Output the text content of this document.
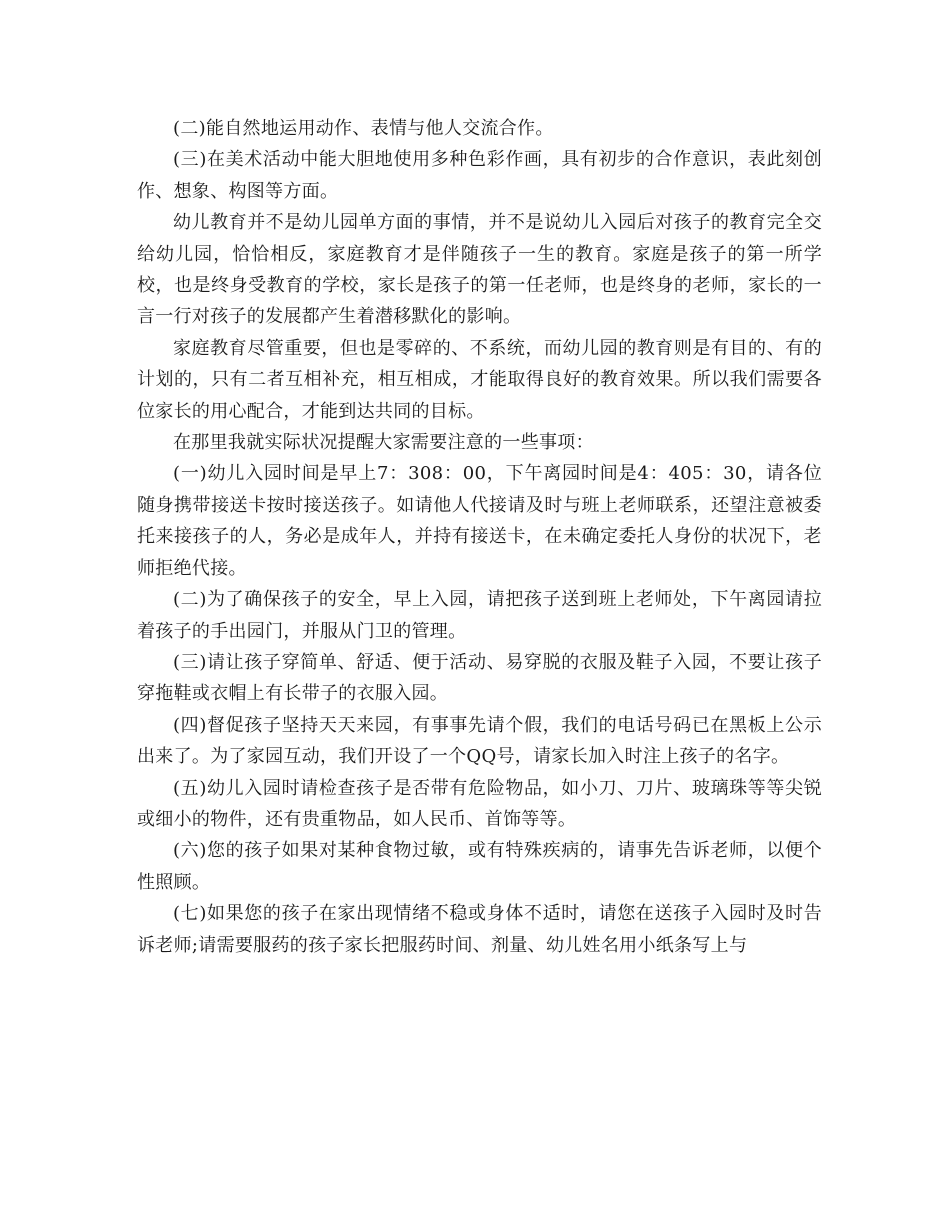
(二)能自然地运用动作、表情与他人交流合作。

(三)在美术活动中能大胆地使用多种色彩作画，具有初步的合作意识，表此刻创作、想象、构图等方面。

幼儿教育并不是幼儿园单方面的事情，并不是说幼儿入园后对孩子的教育完全交给幼儿园，恰恰相反，家庭教育才是伴随孩子一生的教育。家庭是孩子的第一所学校，也是终身受教育的学校，家长是孩子的第一任老师，也是终身的老师，家长的一言一行对孩子的发展都产生着潜移默化的影响。

家庭教育尽管重要，但也是零碎的、不系统，而幼儿园的教育则是有目的、有的计划的，只有二者互相补充，相互相成，才能取得良好的教育效果。所以我们需要各位家长的用心配合，才能到达共同的目标。

在那里我就实际状况提醒大家需要注意的一些事项：

(一)幼儿入园时间是早上7：308：00，下午离园时间是4：405：30，请各位随身携带接送卡按时接送孩子。如请他人代接请及时与班上老师联系，还望注意被委托来接孩子的人，务必是成年人，并持有接送卡，在未确定委托人身份的状况下，老师拒绝代接。

(二)为了确保孩子的安全，早上入园，请把孩子送到班上老师处，下午离园请拉着孩子的手出园门，并服从门卫的管理。

(三)请让孩子穿简单、舒适、便于活动、易穿脱的衣服及鞋子入园，不要让孩子穿拖鞋或衣帽上有长带子的衣服入园。

(四)督促孩子坚持天天来园，有事事先请个假，我们的电话号码已在黑板上公示出来了。为了家园互动，我们开设了一个QQ号，请家长加入时注上孩子的名字。

(五)幼儿入园时请检查孩子是否带有危险物品，如小刀、刀片、玻璃珠等等尖锐或细小的物件，还有贵重物品，如人民币、首饰等等。

(六)您的孩子如果对某种食物过敏，或有特殊疾病的，请事先告诉老师，以便个性照顾。

(七)如果您的孩子在家出现情绪不稳或身体不适时，请您在送孩子入园时及时告诉老师;请需要服药的孩子家长把服药时间、剂量、幼儿姓名用小纸条写上与
